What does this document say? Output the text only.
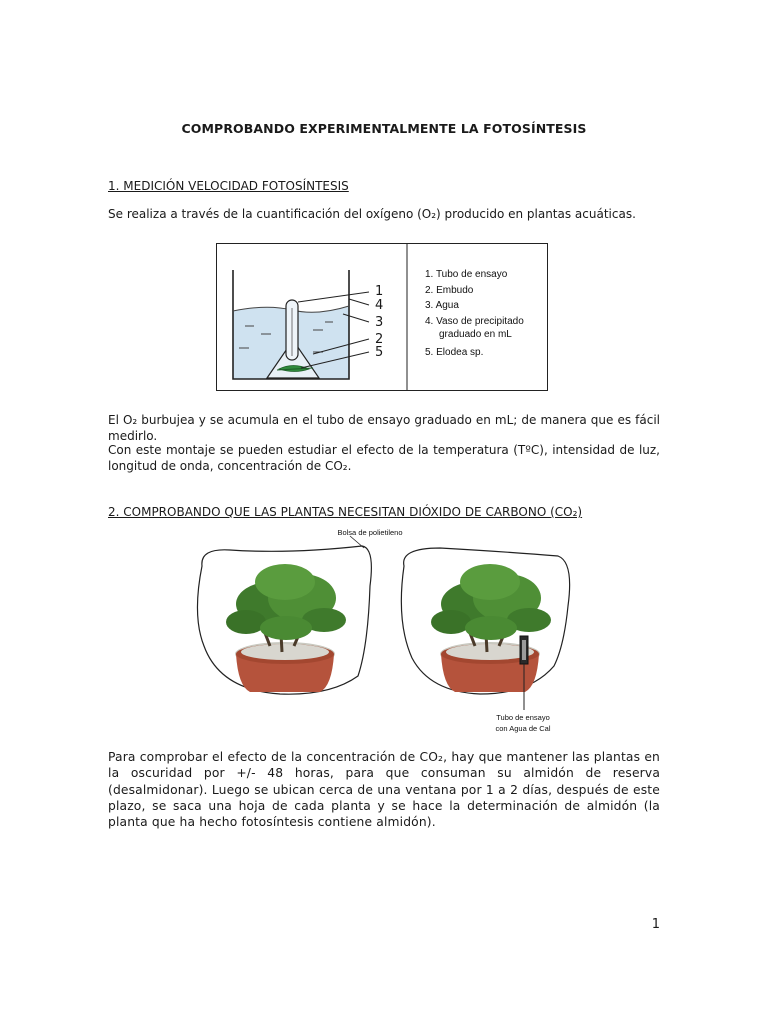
COMPROBANDO EXPERIMENTALMENTE LA FOTOSÍNTESIS
1. MEDICIÓN VELOCIDAD FOTOSÍNTESIS
Se realiza a través de la cuantificación del oxígeno (O₂) producido en plantas acuáticas.
1
4
3
2
5
1. Tubo de ensayo
2. Embudo
3. Agua
4. Vaso de precipitado
graduado en mL
5. Elodea sp.
El O₂ burbujea y se acumula en el tubo de ensayo graduado en mL; de manera que es fácil medirlo.
Con este montaje se pueden estudiar el efecto de la temperatura (TºC), intensidad de luz, longitud de onda, concentración de CO₂.
2. COMPROBANDO QUE LAS PLANTAS NECESITAN DIÓXIDO DE CARBONO (CO₂)
Bolsa de polietileno
Tubo de ensayo
con Agua de Cal
Para comprobar el efecto de la concentración de CO₂, hay que mantener las plantas en la oscuridad por +/- 48 horas, para que consuman su almidón de reserva (desalmidonar). Luego se ubican cerca de una ventana por 1 a 2 días, después de este plazo, se saca una hoja de cada planta y se hace la determinación de almidón (la planta que ha hecho fotosíntesis contiene almidón).
1
